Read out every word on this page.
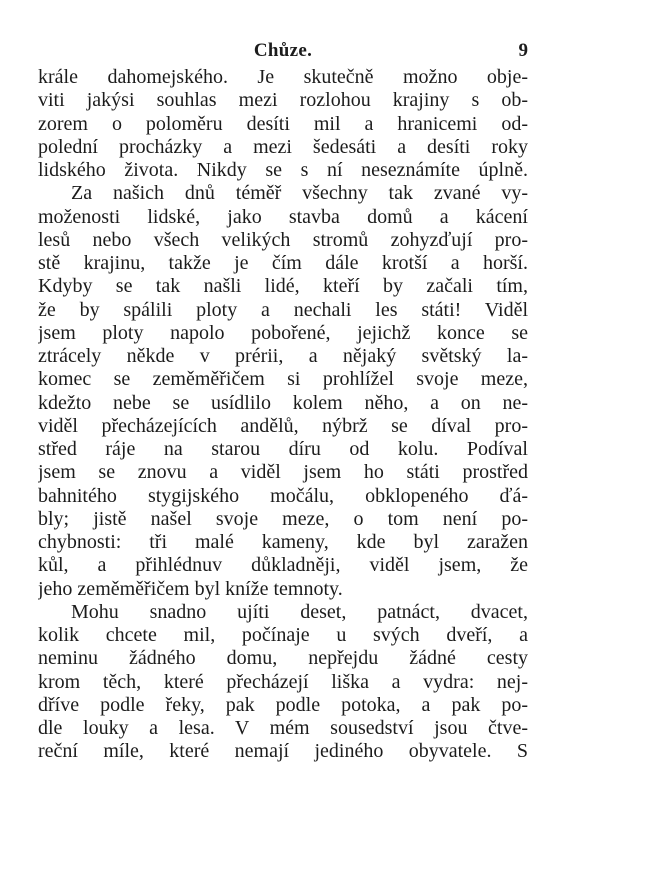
Chůze.	9
krále dahomejského. Je skutečně možno obje-
viti jakýsi souhlas mezi rozlohou krajiny s ob-
zorem o poloměru desíti mil a hranicemi od-
polední procházky a mezi šedesáti a desíti roky
lidského života. Nikdy se s ní neseznámíte úplně.
Za našich dnů téměř všechny tak zvané vy-
moženosti lidské, jako stavba domů a kácení
lesů nebo všech velikých stromů zohyzďují pro-
stě krajinu, takže je čím dále krotší a horší.
Kdyby se tak našli lidé, kteří by začali tím,
že by spálili ploty a nechali les státi! Viděl
jsem ploty napolo pobořené, jejichž konce se
ztrácely někde v prérii, a nějaký světský la-
komec se zeměměřičem si prohlížel svoje meze,
kdežto nebe se usídlilo kolem něho, a on ne-
viděl přecházejících andělů, nýbrž se díval pro-
střed ráje na starou díru od kolu. Podíval
jsem se znovu a viděl jsem ho státi prostřed
bahnitého stygijského močálu, obklopeného ďá-
bly; jistě našel svoje meze, o tom není po-
chybnosti: tři malé kameny, kde byl zaražen
kůl, a přihlédnuv důkladněji, viděl jsem, že
jeho zeměměřičem byl kníže temnoty.
Mohu snadno ujíti deset, patnáct, dvacet,
kolik chcete mil, počínaje u svých dveří, a
neminu žádného domu, nepřejdu žádné cesty
krom těch, které přecházejí liška a vydra: nej-
dříve podle řeky, pak podle potoka, a pak po-
dle louky a lesa. V mém sousedství jsou čtve-
reční míle, které nemají jediného obyvatele. S
